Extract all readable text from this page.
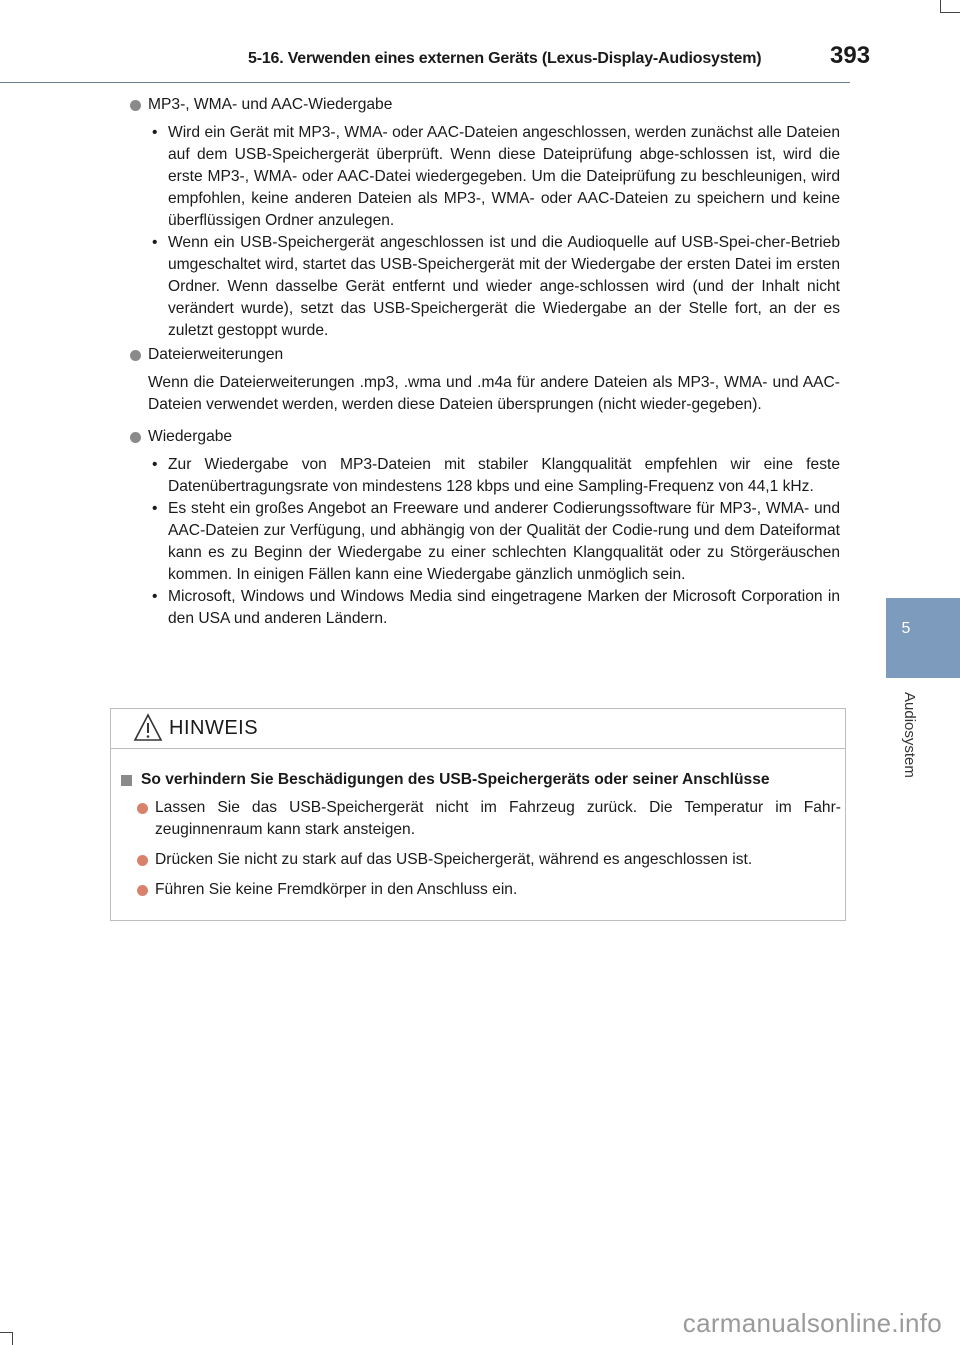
5-16. Verwenden eines externen Geräts (Lexus-Display-Audiosystem)	393
5
Audiosystem
MP3-, WMA- und AAC-Wiedergabe
• Wird ein Gerät mit MP3-, WMA- oder AAC-Dateien angeschlossen, werden zunächst alle Dateien auf dem USB-Speichergerät überprüft. Wenn diese Dateiprüfung abge-schlossen ist, wird die erste MP3-, WMA- oder AAC-Datei wiedergegeben. Um die Dateiprüfung zu beschleunigen, wird empfohlen, keine anderen Dateien als MP3-, WMA- oder AAC-Dateien zu speichern und keine überflüssigen Ordner anzulegen.
• Wenn ein USB-Speichergerät angeschlossen ist und die Audioquelle auf USB-Spei-cher-Betrieb umgeschaltet wird, startet das USB-Speichergerät mit der Wiedergabe der ersten Datei im ersten Ordner. Wenn dasselbe Gerät entfernt und wieder ange-schlossen wird (und der Inhalt nicht verändert wurde), setzt das USB-Speichergerät die Wiedergabe an der Stelle fort, an der es zuletzt gestoppt wurde.
Dateierweiterungen
Wenn die Dateierweiterungen .mp3, .wma und .m4a für andere Dateien als MP3-, WMA- und AAC-Dateien verwendet werden, werden diese Dateien übersprungen (nicht wieder-gegeben).
Wiedergabe
• Zur Wiedergabe von MP3-Dateien mit stabiler Klangqualität empfehlen wir eine feste Datenübertragungsrate von mindestens 128 kbps und eine Sampling-Frequenz von 44,1 kHz.
• Es steht ein großes Angebot an Freeware und anderer Codierungssoftware für MP3-, WMA- und AAC-Dateien zur Verfügung, und abhängig von der Qualität der Codie-rung und dem Dateiformat kann es zu Beginn der Wiedergabe zu einer schlechten Klangqualität oder zu Störgeräuschen kommen. In einigen Fällen kann eine Wiedergabe gänzlich unmöglich sein.
• Microsoft, Windows und Windows Media sind eingetragene Marken der Microsoft Corporation in den USA und anderen Ländern.
HINWEIS
So verhindern Sie Beschädigungen des USB-Speichergeräts oder seiner Anschlüsse
Lassen Sie das USB-Speichergerät nicht im Fahrzeug zurück. Die Temperatur im Fahr-zeuginnenraum kann stark ansteigen.
Drücken Sie nicht zu stark auf das USB-Speichergerät, während es angeschlossen ist.
Führen Sie keine Fremdkörper in den Anschluss ein.
carmanualsonline.info
